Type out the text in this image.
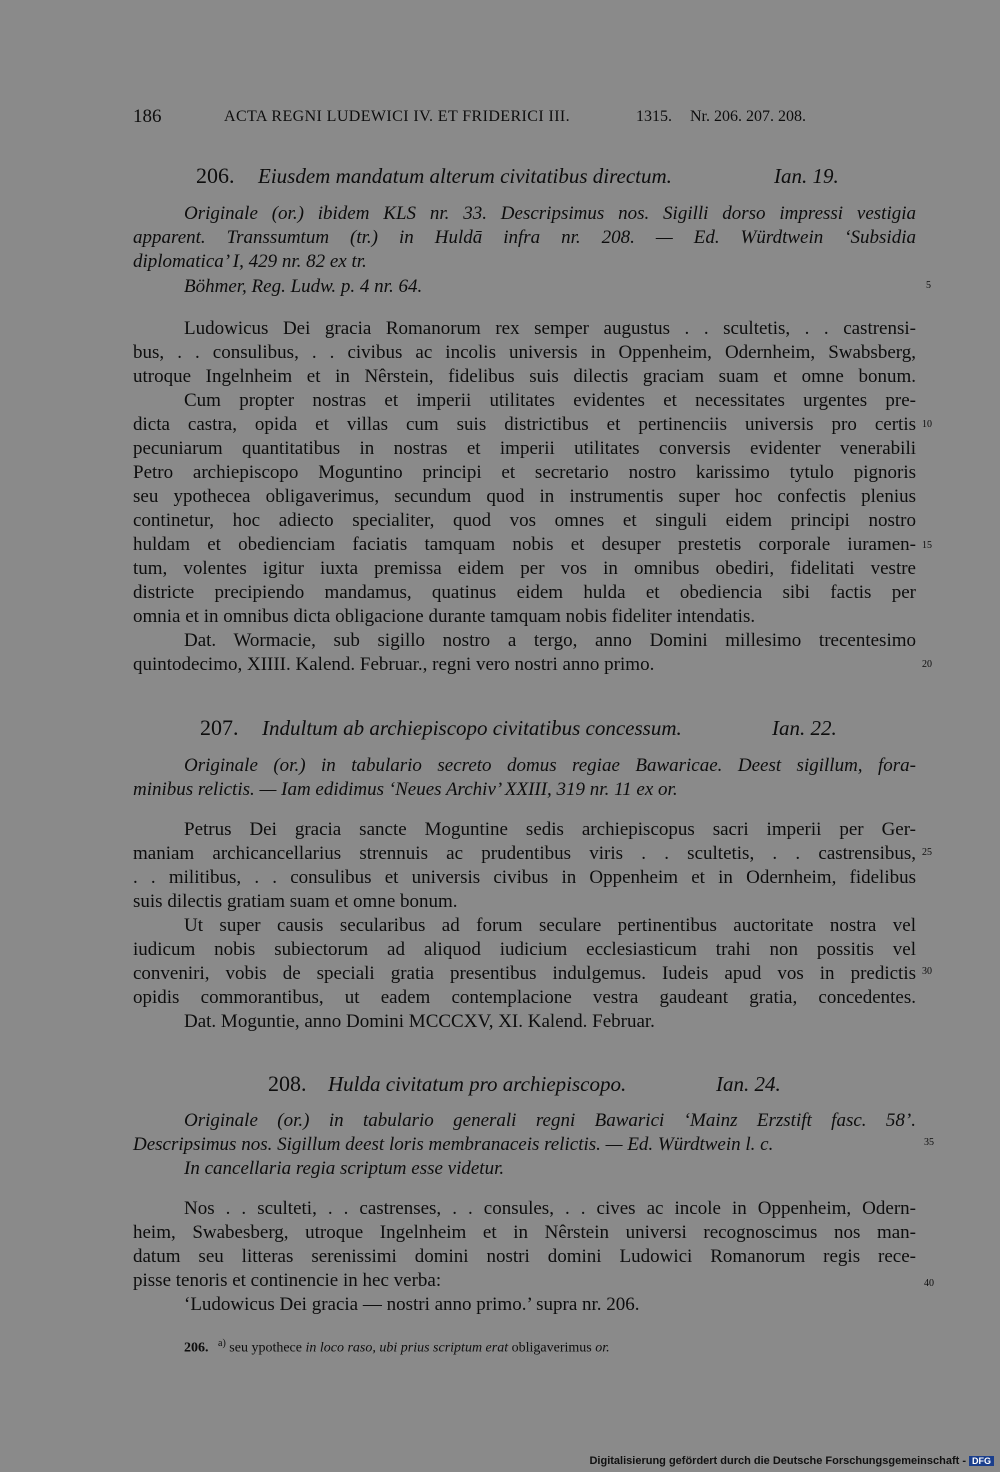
186	ACTA REGNI LUDEWICI IV. ET FRIDERICI III.	1315. Nr. 206. 207. 208.
206. Eiusdem mandatum alterum civitatibus directum.	Ian. 19.
Originale (or.) ibidem KLS nr. 33. Descripsimus nos. Sigilli dorso impressi vestigia
apparent. Transsumtum (tr.) in Huldā infra nr. 208. — Ed. Würdtwein ‘Subsidia
diplomatica’ I, 429 nr. 82 ex tr.
Böhmer, Reg. Ludw. p. 4 nr. 64.
Ludowicus Dei gracia Romanorum rex semper augustus . . scultetis, . . castrensi-
bus, . . consulibus, . . civibus ac incolis universis in Oppenheim, Odernheim, Swabsberg,
utroque Ingelnheim et in Nêrstein, fidelibus suis dilectis graciam suam et omne bonum.
Cum propter nostras et imperii utilitates evidentes et necessitates urgentes pre-
dicta castra, opida et villas cum suis districtibus et pertinenciis universis pro certis
pecuniarum quantitatibus in nostras et imperii utilitates conversis evidenter venerabili
Petro archiepiscopo Moguntino principi et secretario nostro karissimo tytulo pignoris
seu ypothecea obligaverimus, secundum quod in instrumentis super hoc confectis plenius
continetur, hoc adiecto specialiter, quod vos omnes et singuli eidem principi nostro
huldam et obedienciam faciatis tamquam nobis et desuper prestetis corporale iuramen-
tum, volentes igitur iuxta premissa eidem per vos in omnibus obediri, fidelitati vestre
districte precipiendo mandamus, quatinus eidem hulda et obediencia sibi factis per
omnia et in omnibus dicta obligacione durante tamquam nobis fideliter intendatis.
Dat. Wormacie, sub sigillo nostro a tergo, anno Domini millesimo trecentesimo
quintodecimo, XIIII. Kalend. Februar., regni vero nostri anno primo.
207. Indultum ab archiepiscopo civitatibus concessum.	Ian. 22.
Originale (or.) in tabulario secreto domus regiae Bawaricae. Deest sigillum, fora-
minibus relictis. — Iam edidimus ‘Neues Archiv’ XXIII, 319 nr. 11 ex or.
Petrus Dei gracia sancte Moguntine sedis archiepiscopus sacri imperii per Ger-
maniam archicancellarius strennuis ac prudentibus viris . . scultetis, . . castrensibus,
. . militibus, . . consulibus et universis civibus in Oppenheim et in Odernheim, fidelibus
suis dilectis gratiam suam et omne bonum.
Ut super causis secularibus ad forum seculare pertinentibus auctoritate nostra vel
iudicum nobis subiectorum ad aliquod iudicium ecclesiasticum trahi non possitis vel
conveniri, vobis de speciali gratia presentibus indulgemus. Iudeis apud vos in predictis
opidis commorantibus, ut eadem contemplacione vestra gaudeant gratia, concedentes.
Dat. Moguntie, anno Domini MCCCXV, XI. Kalend. Februar.
208. Hulda civitatum pro archiepiscopo.	Ian. 24.
Originale (or.) in tabulario generali regni Bawarici ‘Mainz Erzstift fasc. 58’.
Descripsimus nos. Sigillum deest loris membranaceis relictis. — Ed. Würdtwein l. c.
In cancellaria regia scriptum esse videtur.
Nos . . sculteti, . . castrenses, . . consules, . . cives ac incole in Oppenheim, Odern-
heim, Swabesberg, utroque Ingelnheim et in Nêrstein universi recognoscimus nos man-
datum seu litteras serenissimi domini nostri domini Ludowici Romanorum regis rece-
pisse tenoris et continencie in hec verba:
‘Ludowicus Dei gracia — nostri anno primo.’ supra nr. 206.
206. $^{a)}$ seu ypothece in loco raso, ubi prius scriptum erat obligaverimus or.
5
10
15
20
25
30
35
40
Digitalisierung gefördert durch die Deutsche Forschungsgemeinschaft - DFG
